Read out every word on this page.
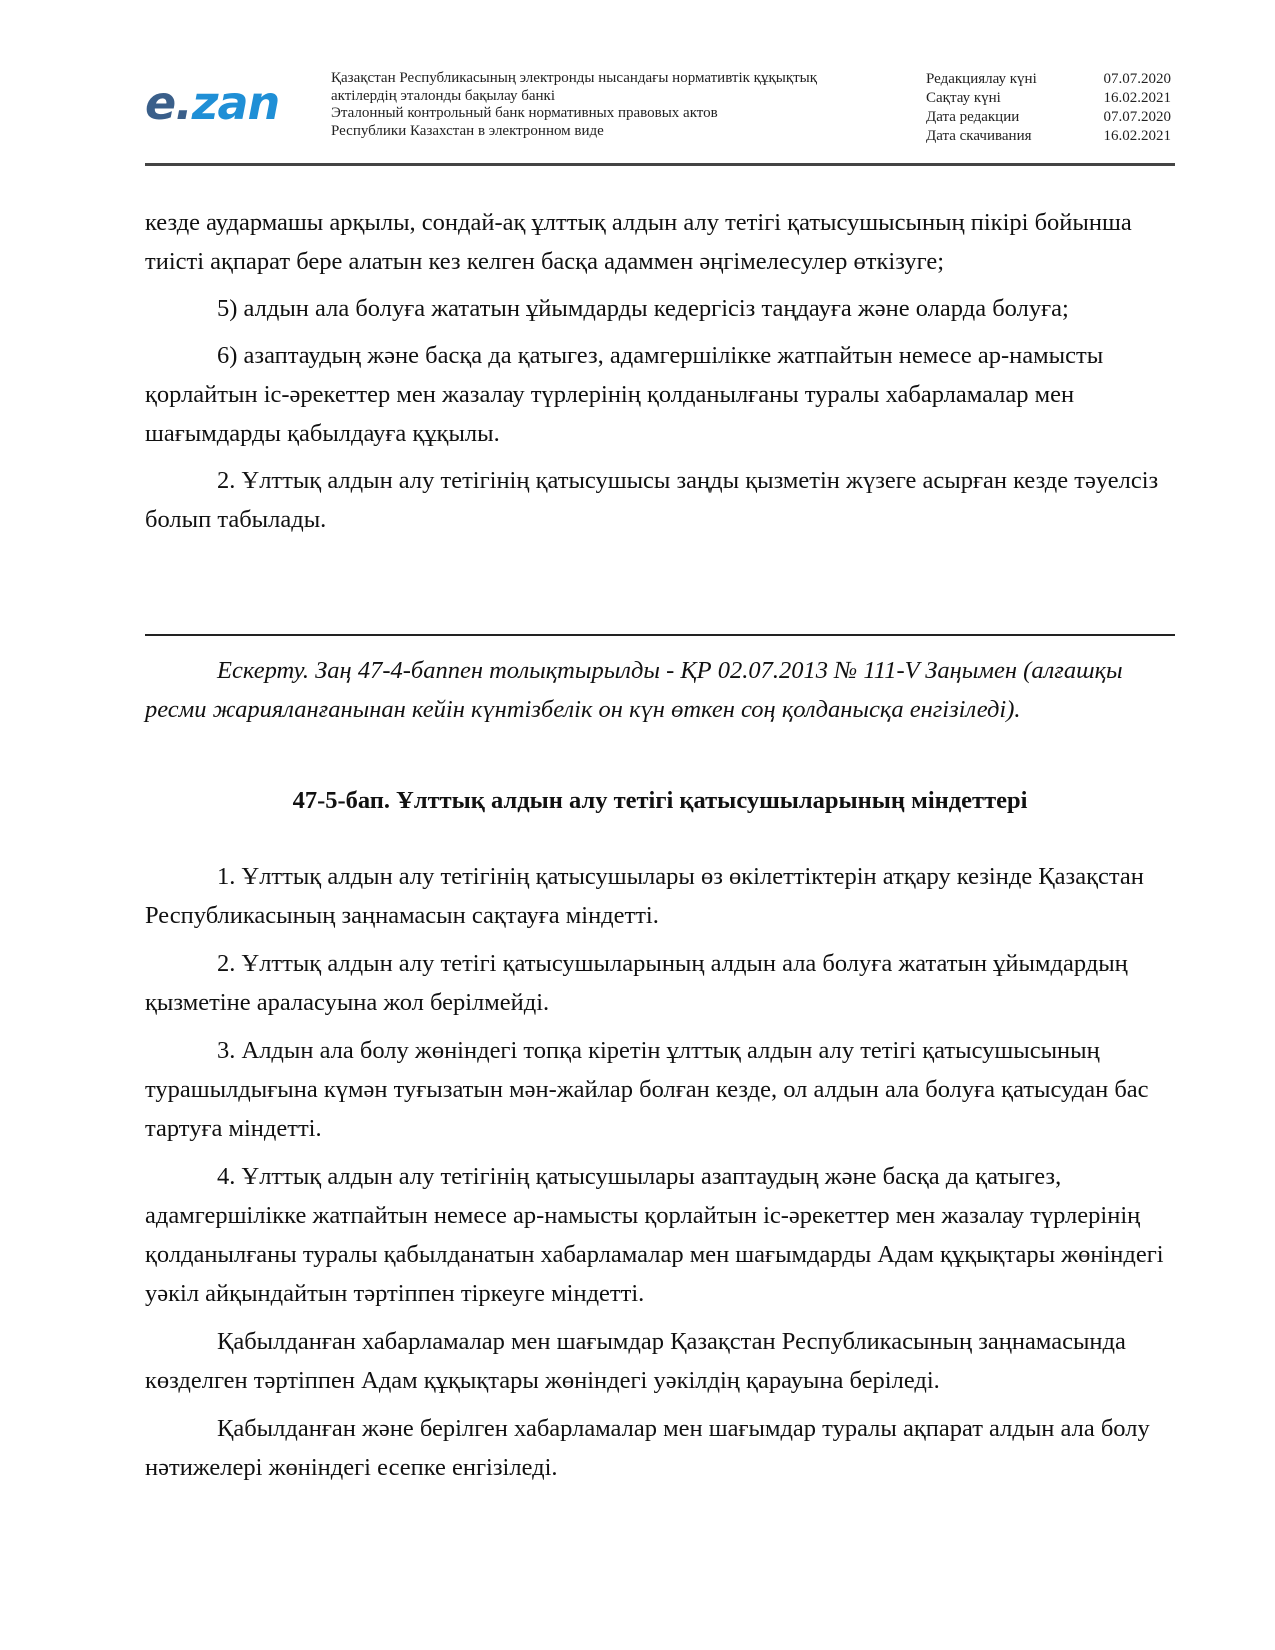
e.zan	Қазақстан Республикасының электронды нысандағы нормативтік құқықтық
актілердің эталонды бақылау банкі
Эталонный контрольный банк нормативных правовых актов
Республики Казахстан в электронном виде
Редакциялау күні	07.07.2020
Сақтау күні	16.02.2021
Дата редакции	07.07.2020
Дата скачивания	16.02.2021

кезде аудармашы арқылы, сондай-ақ ұлттық алдын алу тетігі қатысушысының пікірі бойынша тиісті ақпарат бере алатын кез келген басқа адаммен әңгімелесулер өткізуге;

5) алдын ала болуға жататын ұйымдарды кедергісіз таңдауға және оларда болуға;

6) азаптаудың және басқа да қатыгез, адамгершілікке жатпайтын немесе ар-намысты қорлайтын іс-әрекеттер мен жазалау түрлерінің қолданылғаны туралы хабарламалар мен шағымдарды қабылдауға құқылы.

2. Ұлттық алдын алу тетігінің қатысушысы заңды қызметін жүзеге асырған кезде тәуелсіз болып табылады.

Ескерту. Заң 47-4-баппен толықтырылды - ҚР 02.07.2013 № 111-V Заңымен (алғашқы ресми жарияланғанынан кейін күнтізбелік он күн өткен соң қолданысқа енгізіледі).

47-5-бап. Ұлттық алдын алу тетігі қатысушыларының міндеттері

1. Ұлттық алдын алу тетігінің қатысушылары өз өкілеттіктерін атқару кезінде Қазақстан Республикасының заңнамасын сақтауға міндетті.

2. Ұлттық алдын алу тетігі қатысушыларының алдын ала болуға жататын ұйымдардың қызметіне араласуына жол берілмейді.

3. Алдын ала болу жөніндегі топқа кіретін ұлттық алдын алу тетігі қатысушысының турашылдығына күмән туғызатын мән-жайлар болған кезде, ол алдын ала болуға қатысудан бас тартуға міндетті.

4. Ұлттық алдын алу тетігінің қатысушылары азаптаудың және басқа да қатыгез, адамгершілікке жатпайтын немесе ар-намысты қорлайтын іс-әрекеттер мен жазалау түрлерінің қолданылғаны туралы қабылданатын хабарламалар мен шағымдарды Адам құқықтары жөніндегі уәкіл айқындайтын тәртіппен тіркеуге міндетті.

Қабылданған хабарламалар мен шағымдар Қазақстан Республикасының заңнамасында көзделген тәртіппен Адам құқықтары жөніндегі уәкілдің қарауына беріледі.

Қабылданған және берілген хабарламалар мен шағымдар туралы ақпарат алдын ала болу нәтижелері жөніндегі есепке енгізіледі.
